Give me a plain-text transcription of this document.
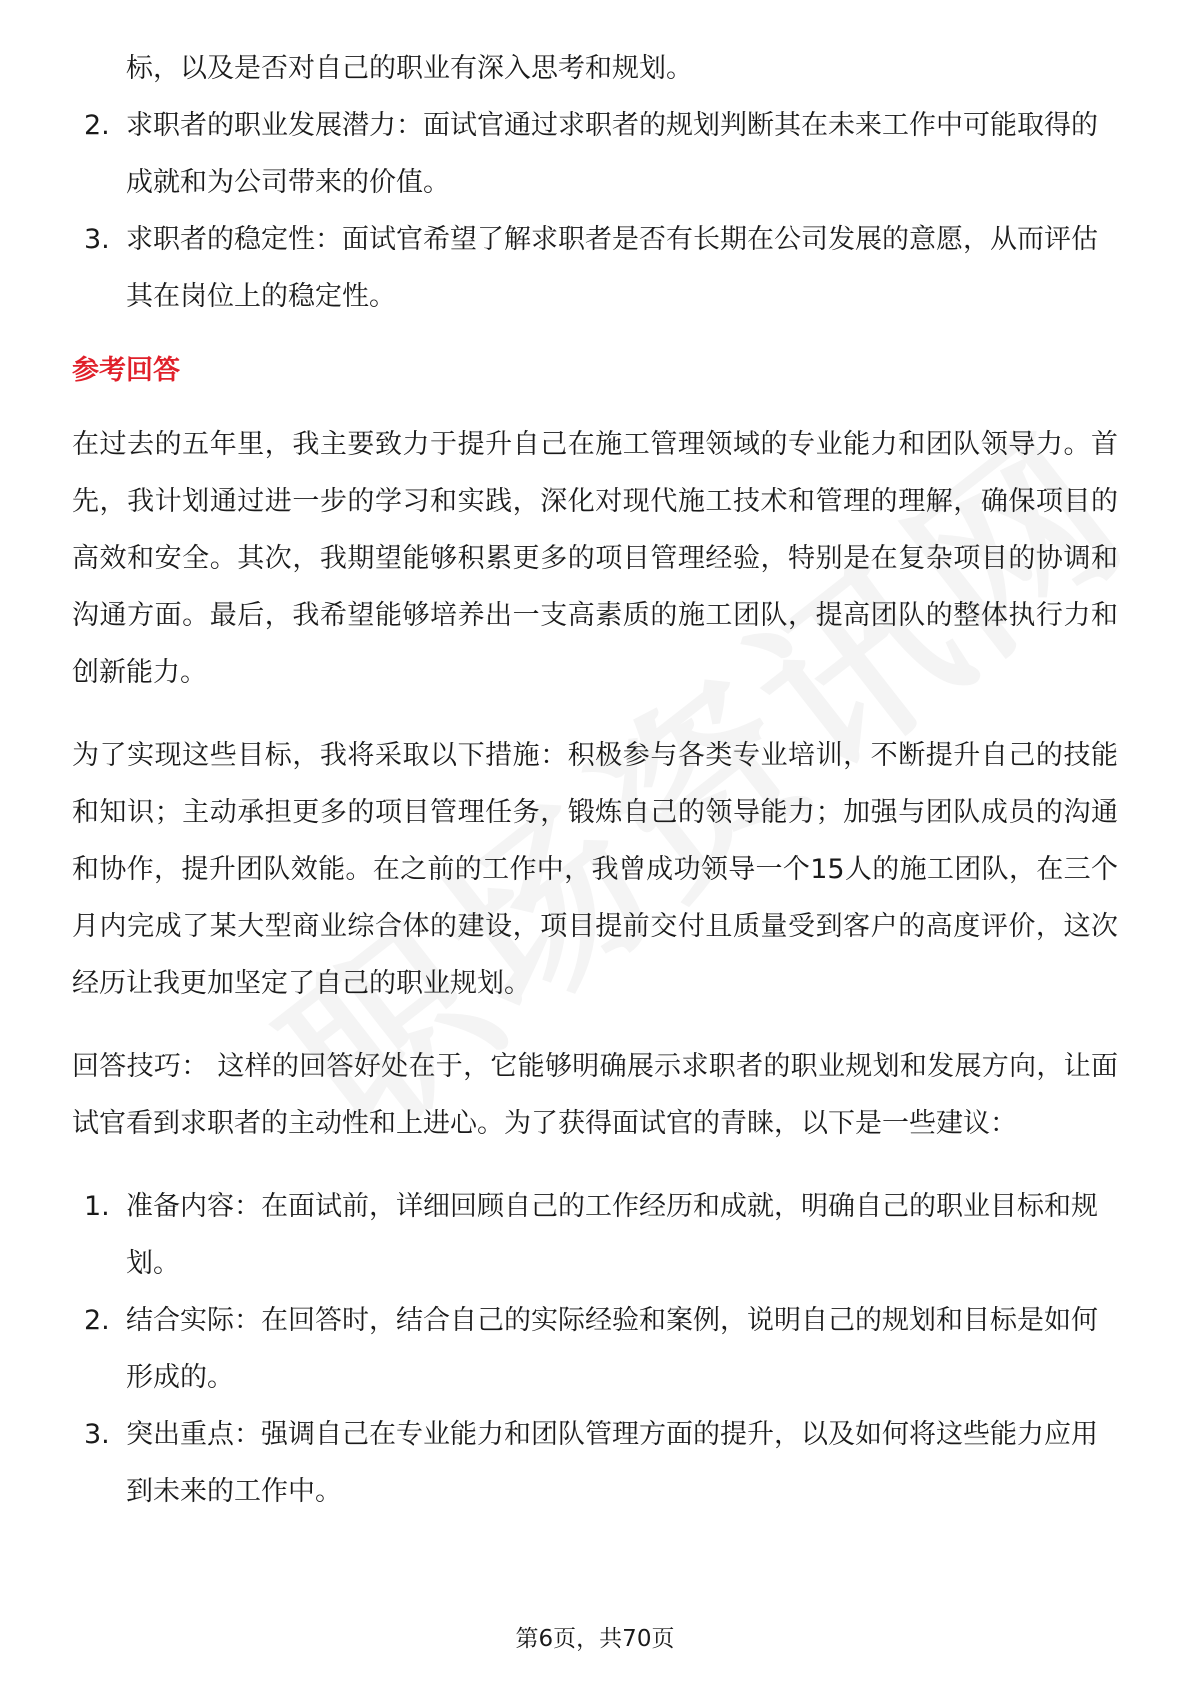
标，以及是否对自己的职业有深入思考和规划。
2. 求职者的职业发展潜力：面试官通过求职者的规划判断其在未来工作中可能取得的成就和为公司带来的价值。
3. 求职者的稳定性：面试官希望了解求职者是否有长期在公司发展的意愿，从而评估其在岗位上的稳定性。
参考回答

在过去的五年里，我主要致力于提升自己在施工管理领域的专业能力和团队领导力。首先，我计划通过进一步的学习和实践，深化对现代施工技术和管理的理解，确保项目的高效和安全。其次，我期望能够积累更多的项目管理经验，特别是在复杂项目的协调和沟通方面。最后，我希望能够培养出一支高素质的施工团队，提高团队的整体执行力和创新能力。

为了实现这些目标，我将采取以下措施：积极参与各类专业培训，不断提升自己的技能和知识；主动承担更多的项目管理任务，锻炼自己的领导能力；加强与团队成员的沟通和协作，提升团队效能。在之前的工作中，我曾成功领导一个15人的施工团队，在三个月内完成了某大型商业综合体的建设，项目提前交付且质量受到客户的高度评价，这次经历让我更加坚定了自己的职业规划。

回答技巧： 这样的回答好处在于，它能够明确展示求职者的职业规划和发展方向，让面试官看到求职者的主动性和上进心。为了获得面试官的青睐，以下是一些建议：

1. 准备内容：在面试前，详细回顾自己的工作经历和成就，明确自己的职业目标和规划。
2. 结合实际：在回答时，结合自己的实际经验和案例，说明自己的规划和目标是如何形成的。
3. 突出重点：强调自己在专业能力和团队管理方面的提升，以及如何将这些能力应用到未来的工作中。
第6页，共70页
